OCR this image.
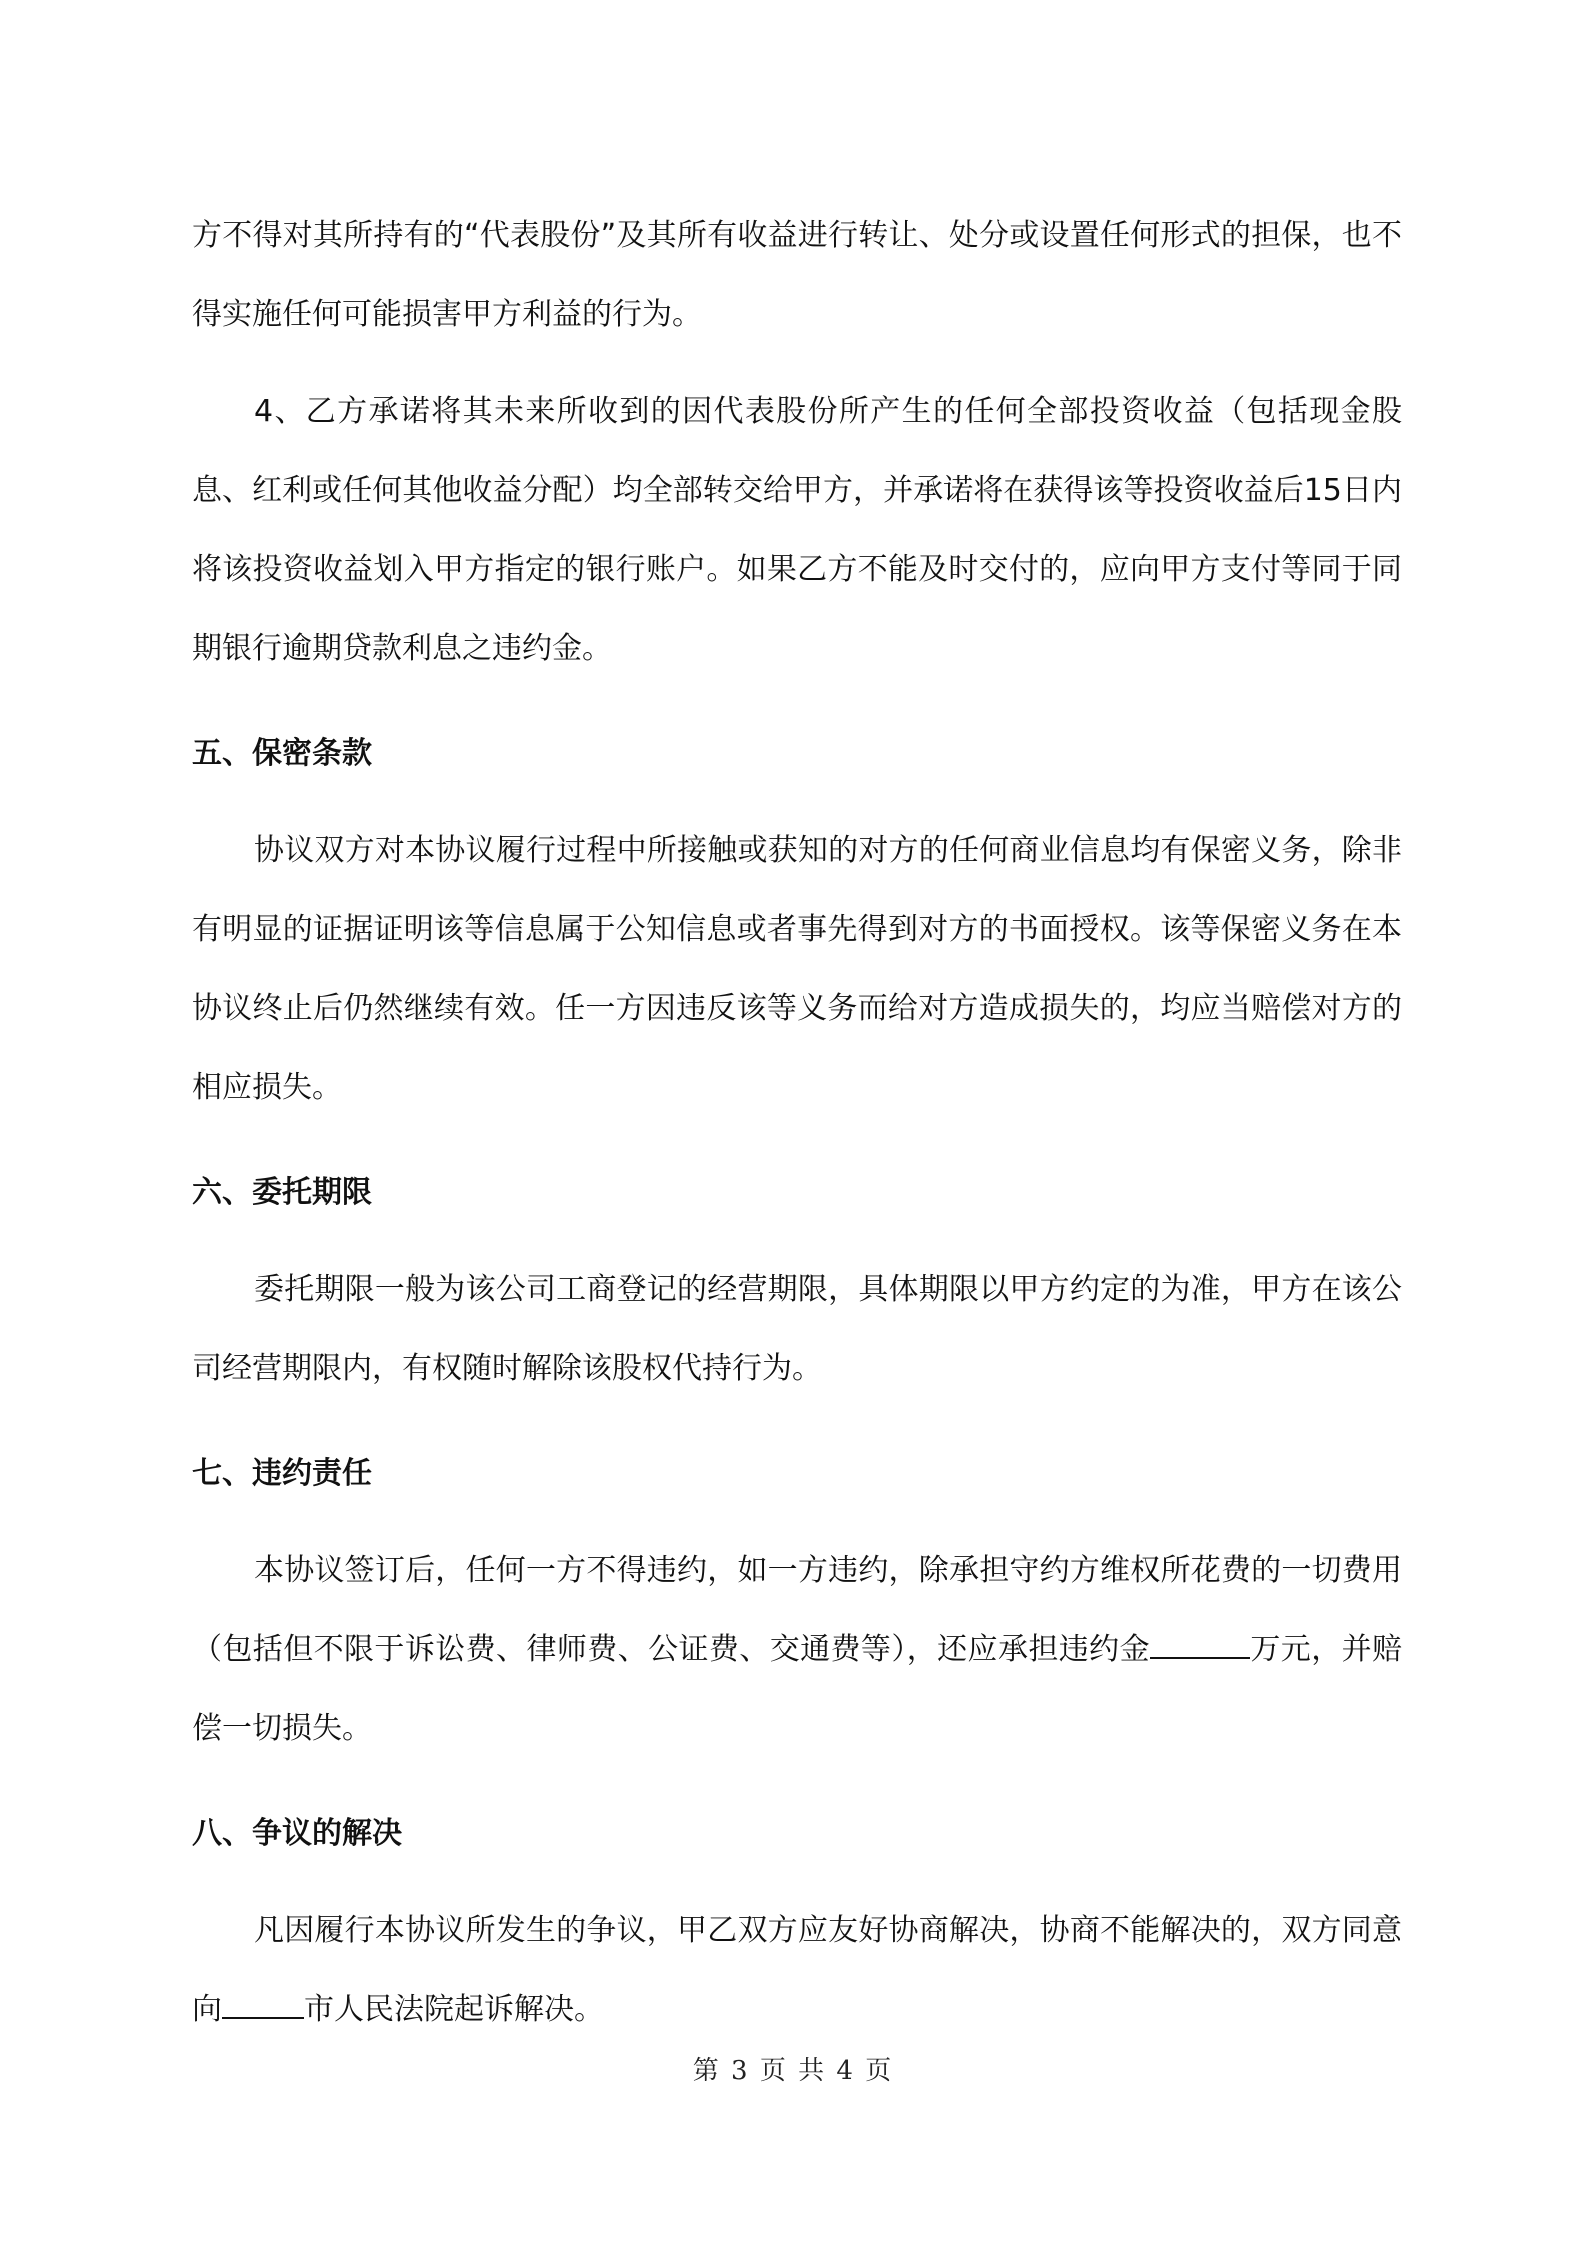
方不得对其所持有的“代表股份”及其所有收益进行转让、处分或设置任何形式的担保，也不得实施任何可能损害甲方利益的行为。

4、乙方承诺将其未来所收到的因代表股份所产生的任何全部投资收益（包括现金股息、红利或任何其他收益分配）均全部转交给甲方，并承诺将在获得该等投资收益后15日内将该投资收益划入甲方指定的银行账户。如果乙方不能及时交付的，应向甲方支付等同于同期银行逾期贷款利息之违约金。

五、保密条款

协议双方对本协议履行过程中所接触或获知的对方的任何商业信息均有保密义务，除非有明显的证据证明该等信息属于公知信息或者事先得到对方的书面授权。该等保密义务在本协议终止后仍然继续有效。任一方因违反该等义务而给对方造成损失的，均应当赔偿对方的相应损失。

六、委托期限

委托期限一般为该公司工商登记的经营期限，具体期限以甲方约定的为准，甲方在该公司经营期限内，有权随时解除该股权代持行为。

七、违约责任

本协议签订后，任何一方不得违约，如一方违约，除承担守约方维权所花费的一切费用（包括但不限于诉讼费、律师费、公证费、交通费等），还应承担违约金	万元，并赔偿一切损失。

八、争议的解决

凡因履行本协议所发生的争议，甲乙双方应友好协商解决，协商不能解决的，双方同意向	市人民法院起诉解决。

第 3 页 共 4 页
